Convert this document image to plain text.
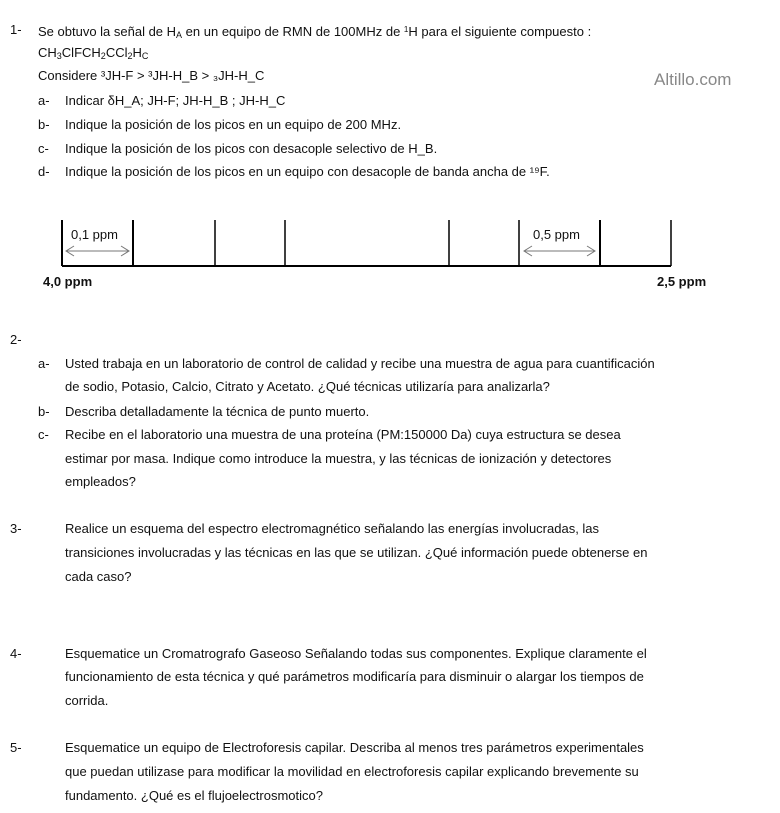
Altillo.com
1- Se obtuvo la señal de $H_A$ en un equipo de RMN de 100MHz de $^1$H para el siguiente compuesto :
$CH_3ClFCH_2CCl_2H_C$
Considere ³JH-F > ³JH-H_B > ₃JH-H_C
a- Indicar δH_A; JH-F; JH-H_B ; JH-H_C
b- Indique la posición de los picos en un equipo de 200 MHz.
c- Indique la posición de los picos con desacople selectivo de H_B.
d- Indique la posición de los picos en un equipo con desacople de banda ancha de ¹⁹F.
0,1 ppm	0,5 ppm
4,0 ppm	2,5 ppm
2-
a- Usted trabaja en un laboratorio de control de calidad y recibe una muestra de agua para cuantificación
de sodio, Potasio, Calcio, Citrato y Acetato. ¿Qué técnicas utilizaría para analizarla?
b- Describa detalladamente la técnica de punto muerto.
c- Recibe en el laboratorio una muestra de una proteína (PM:150000 Da) cuya estructura se desea
estimar por masa. Indique como introduce la muestra, y las técnicas de ionización y detectores
empleados?
3-	Realice un esquema del espectro electromagnético señalando las energías involucradas, las
transiciones involucradas y las técnicas en las que se utilizan. ¿Qué información puede obtenerse en
cada caso?
4-	Esquematice un Cromatrografo Gaseoso Señalando todas sus componentes. Explique claramente el
funcionamiento de esta técnica y qué parámetros modificaría para disminuir o alargar los tiempos de
corrida.
5-	Esquematice un equipo de Electroforesis capilar. Describa al menos tres parámetros experimentales
que puedan utilizase para modificar la movilidad en electroforesis capilar explicando brevemente su
fundamento. ¿Qué es el flujoelectrosmotico?
